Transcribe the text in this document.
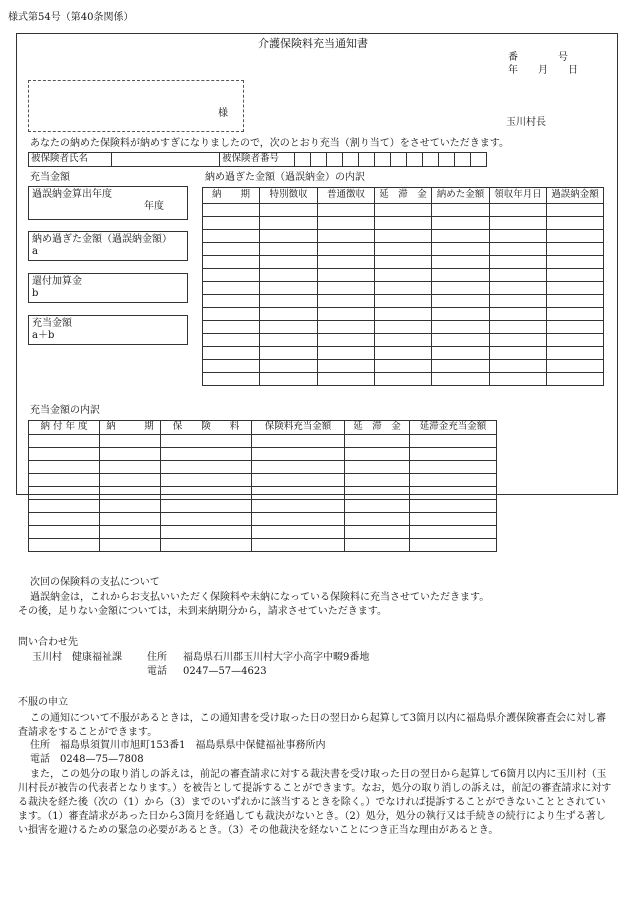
様式第54号（第40条関係）
介護保険料充当通知書
番　　　　号
年　　月　　日
様
玉川村長
あなたの納めた保険料が納めすぎになりましたので，次のとおり充当（割り当て）をさせていただきます。
被保険者氏名		被保険者番号												
充当金額
過誤納金算出年度
年度
納め過ぎた金額（過誤納金額）
a
還付加算金
b
充当金額
a＋b
納め過ぎた金額（過誤納金）の内訳
納　　期	特別徴収	普通徴収	延　滞　金	納めた金額	領収年月日	過誤納金額

充当金額の内訳
納 付 年 度	納　　　期	保　　険　　料	保険料充当金額	延　滞　金	延滞金充当金額

次回の保険料の支払について
過誤納金は，これからお支払いいただく保険料や未納になっている保険料に充当させていただきます。
その後，足りない金額については，未到来納期分から，請求させていただきます。
問い合わせ先
玉川村　健康福祉課	住所 福島県石川郡玉川村大字小高字中畷9番地
電話 0247—57—4623
不服の申立
この通知について不服があるときは，この通知書を受け取った日の翌日から起算して3箇月以内に福島県介護保険審査会に対し審査請求をすることができます。
住所　福島県須賀川市旭町153番1　福島県県中保健福祉事務所内
電話　0248—75—7808
また，この処分の取り消しの訴えは，前記の審査請求に対する裁決書を受け取った日の翌日から起算して6箇月以内に玉川村（玉川村長が被告の代表者となります。）を被告として提訴することができます。なお，処分の取り消しの訴えは，前記の審査請求に対する裁決を経た後（次の（1）から（3）までのいずれかに該当するときを除く。）でなければ提訴することができないこととされています。（1）審査請求があった日から3箇月を経過しても裁決がないとき。（2）処分，処分の執行又は手続きの続行により生ずる著しい損害を避けるための緊急の必要があるとき。（3）その他裁決を経ないことにつき正当な理由があるとき。
